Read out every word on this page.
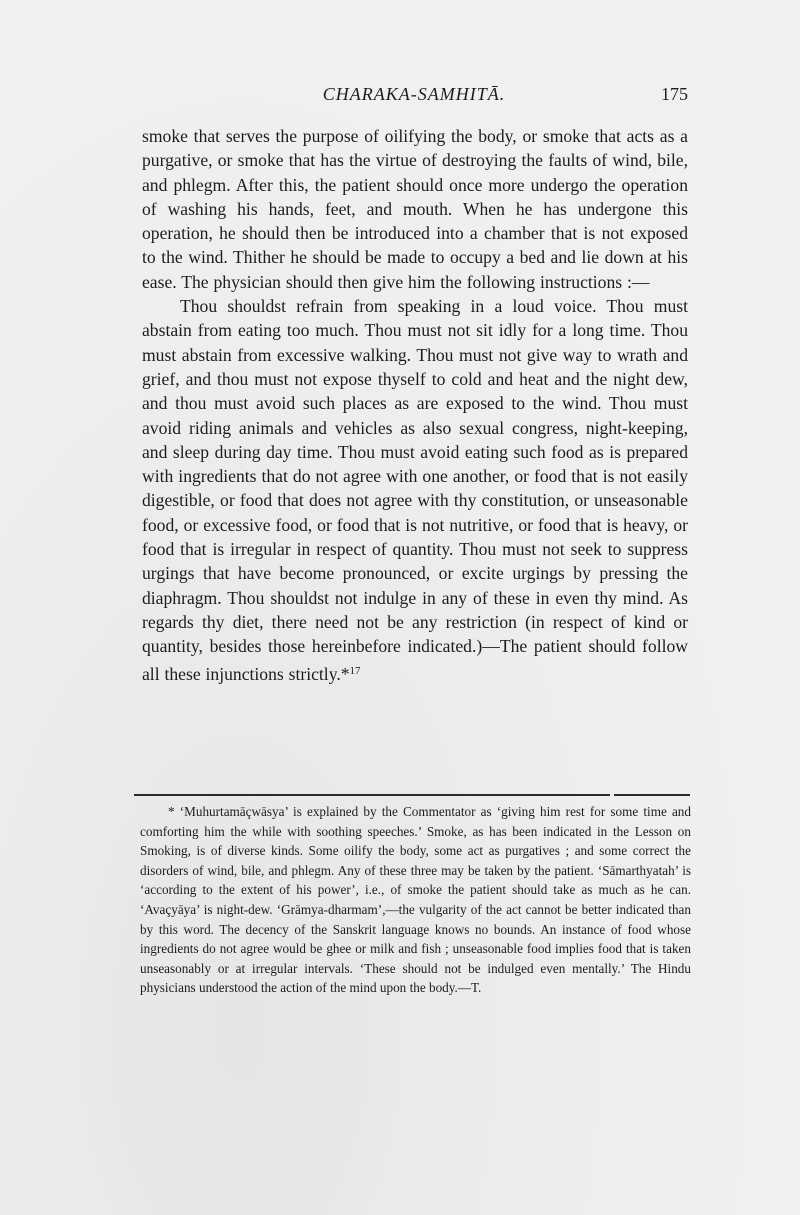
CHARAKA-SAMHITĀ.	175

smoke that serves the purpose of oilifying the body, or smoke that acts as a purgative, or smoke that has the virtue of destroying the faults of wind, bile, and phlegm. After this, the patient should once more undergo the operation of washing his hands, feet, and mouth. When he has undergone this operation, he should then be introduced into a chamber that is not exposed to the wind. Thither he should be made to occupy a bed and lie down at his ease. The physician should then give him the following instructions :—

Thou shouldst refrain from speaking in a loud voice. Thou must abstain from eating too much. Thou must not sit idly for a long time. Thou must abstain from excessive walking. Thou must not give way to wrath and grief, and thou must not expose thyself to cold and heat and the night dew, and thou must avoid such places as are exposed to the wind. Thou must avoid riding animals and vehicles as also sexual congress, night-keeping, and sleep during day time. Thou must avoid eating such food as is prepared with ingredients that do not agree with one another, or food that is not easily digestible, or food that does not agree with thy constitution, or unseasonable food, or excessive food, or food that is not nutritive, or food that is heavy, or food that is irregular in respect of quantity. Thou must not seek to suppress urgings that have become pronounced, or excite urgings by pressing the diaphragm. Thou shouldst not indulge in any of these in even thy mind. As regards thy diet, there need not be any restriction (in respect of kind or quantity, besides those hereinbefore indicated.)—The patient should follow all these injunctions strictly.*$^{17}$

* ‘Muhurtamāçwāsya’ is explained by the Commentator as ‘giving him rest for some time and comforting him the while with soothing speeches.’ Smoke, as has been indicated in the Lesson on Smoking, is of diverse kinds. Some oilify the body, some act as purgatives ; and some correct the disorders of wind, bile, and phlegm. Any of these three may be taken by the patient. ‘Sāmarthyatah’ is ‘according to the extent of his power’, i.e., of smoke the patient should take as much as he can. ‘Avaçyāya’ is night-dew. ‘Grāmya-dharmam’,—the vulgarity of the act cannot be better indicated than by this word. The decency of the Sanskrit language knows no bounds. An instance of food whose ingredients do not agree would be ghee or milk and fish ; unseasonable food implies food that is taken unseasonably or at irregular intervals. ‘These should not be indulged even mentally.’ The Hindu physicians understood the action of the mind upon the body.—T.
